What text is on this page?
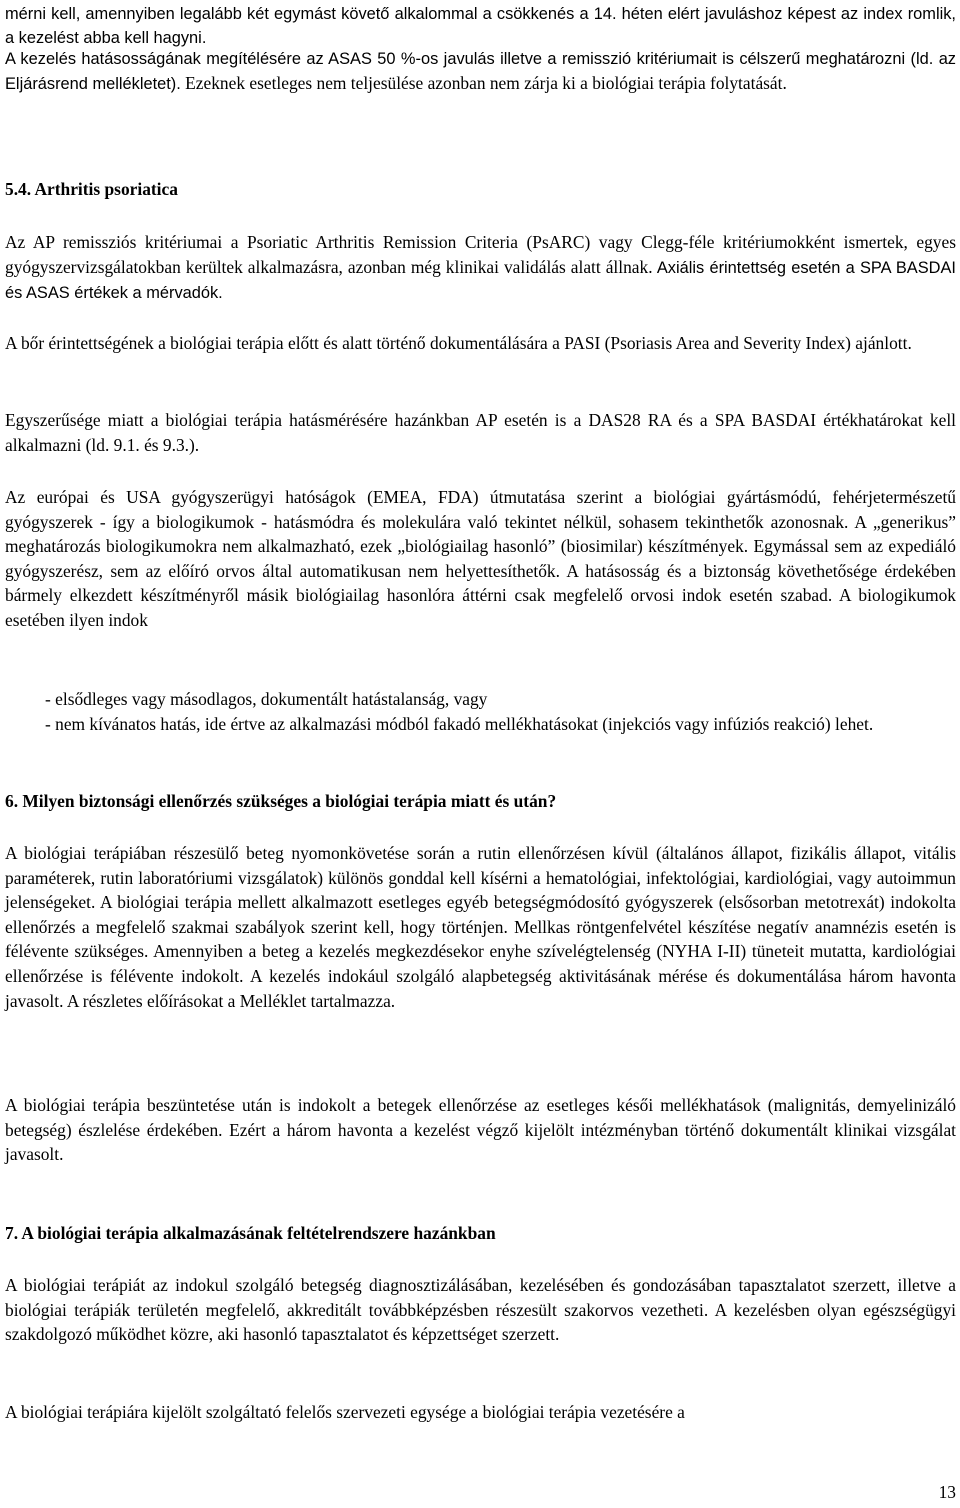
mérni kell, amennyiben legalább két egymást követő alkalommal a csökkenés a 14. héten elért javuláshoz képest az index romlik, a kezelést abba kell hagyni.

A kezelés hatásosságának megítélésére az ASAS 50 %-os javulás illetve a remisszió kritériumait is célszerű meghatározni (ld. az Eljárásrend mellékletet). Ezeknek esetleges nem teljesülése azonban nem zárja ki a biológiai terápia folytatását.

5.4. Arthritis psoriatica

Az AP remissziós kritériumai a Psoriatic Arthritis Remission Criteria (PsARC) vagy Clegg-féle kritériumokként ismertek, egyes gyógyszervizsgálatokban kerültek alkalmazásra, azonban még klinikai validálás alatt állnak. Axiális érintettség esetén a SPA BASDAI és ASAS értékek a mérvadók.

A bőr érintettségének a biológiai terápia előtt és alatt történő dokumentálására a PASI (Psoriasis Area and Severity Index) ajánlott.

Egyszerűsége miatt a biológiai terápia hatásmérésére hazánkban AP esetén is a DAS28 RA és a SPA BASDAI értékhatárokat kell alkalmazni (ld. 9.1. és 9.3.).

Az európai és USA gyógyszerügyi hatóságok (EMEA, FDA) útmutatása szerint a biológiai gyártásmódú, fehérjetermészetű gyógyszerek - így a biologikumok - hatásmódra és molekulára való tekintet nélkül, sohasem tekinthetők azonosnak. A „generikus” meghatározás biologikumokra nem alkalmazható, ezek „biológiailag hasonló” (biosimilar) készítmények. Egymással sem az expediáló gyógyszerész, sem az előíró orvos által automatikusan nem helyettesíthetők. A hatásosság és a biztonság követhetősége érdekében bármely elkezdett készítményről másik biológiailag hasonlóra áttérni csak megfelelő orvosi indok esetén szabad. A biologikumok esetében ilyen indok

- elsődleges vagy másodlagos, dokumentált hatástalanság, vagy
- nem kívánatos hatás, ide értve az alkalmazási módból fakadó mellékhatásokat (injekciós vagy infúziós reakció) lehet.
6. Milyen biztonsági ellenőrzés szükséges a biológiai terápia miatt és után?

A biológiai terápiában részesülő beteg nyomonkövetése során a rutin ellenőrzésen kívül (általános állapot, fizikális állapot, vitális paraméterek, rutin laboratóriumi vizsgálatok) különös gonddal kell kísérni a hematológiai, infektológiai, kardiológiai, vagy autoimmun jelenségeket. A biológiai terápia mellett alkalmazott esetleges egyéb betegségmódosító gyógyszerek (elsősorban metotrexát) indokolta ellenőrzés a megfelelő szakmai szabályok szerint kell, hogy történjen. Mellkas röntgenfelvétel készítése negatív anamnézis esetén is félévente szükséges. Amennyiben a beteg a kezelés megkezdésekor enyhe szívelégtelenség (NYHA I-II) tüneteit mutatta, kardiológiai ellenőrzése is félévente indokolt. A kezelés indokául szolgáló alapbetegség aktivitásának mérése és dokumentálása három havonta javasolt. A részletes előírásokat a Melléklet tartalmazza.

A biológiai terápia beszüntetése után is indokolt a betegek ellenőrzése az esetleges késői mellékhatások (malignitás, demyelinizáló betegség) észlelése érdekében. Ezért a három havonta a kezelést végző kijelölt intézményban történő dokumentált klinikai vizsgálat javasolt.

7. A biológiai terápia alkalmazásának feltételrendszere hazánkban

A biológiai terápiát az indokul szolgáló betegség diagnosztizálásában, kezelésében és gondozásában tapasztalatot szerzett, illetve a biológiai terápiák területén megfelelő, akkreditált továbbképzésben részesült szakorvos vezetheti. A kezelésben olyan egészségügyi szakdolgozó működhet közre, aki hasonló tapasztalatot és képzettséget szerzett.

A biológiai terápiára kijelölt szolgáltató felelős szervezeti egysége a biológiai terápia vezetésére a

13
